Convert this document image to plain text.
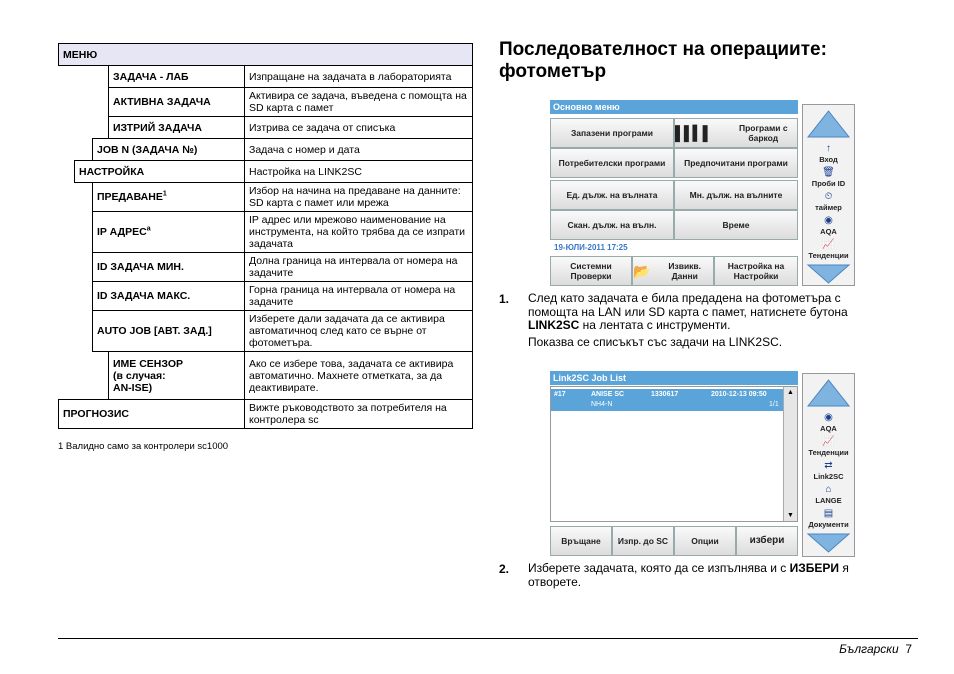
МЕНЮ				
			ЗАДАЧА - ЛАБ	Изпращане на задачата в лабораторията
			АКТИВНА ЗАДАЧА	Активира се задача, въведена с помощта на SD карта с памет
			ИЗТРИЙ ЗАДАЧА	Изтрива се задача от списъка
		JOB N (ЗАДАЧА №)		Задача с номер и дата
	НАСТРОЙКА			Настройка на LINK2SC
		ПРЕДАВАНЕ$^1$		Избор на начина на предаване на данните: SD карта с памет или мрежа
		IP АДРЕС$^a$		IP адрес или мрежово наименование на инструмента, на който трябва да се изпрати задачата
		ID ЗАДАЧА МИН.		Долна граница на интервала от номера на задачите
		ID ЗАДАЧА МАКС.		Горна граница на интервала от номера на задачите
		AUTO JOB [АВТ. ЗАД.]		Изберете дали задачата да се активира автоматичноq след като се върне от фотометъра.

			ИМЕ СЕНЗОР
(в случая:
AN-ISE)	Ако се избере това, задачата се активира автоматично. Махнете отметката, за да деактивирате.
ПРОГНОЗИС				Вижте ръководството за потребителя на контролера sc
1 Валидно само за контролери sc1000
Последователност на операциите: фотометър
Основно меню
Запазени програми	▌▌▍▌	Програми с баркод
Потребителски програми	Предпочитани програми
Ед. дълж. на вълната	Мн. дълж. на вълните
Скан. дълж. на вълн.	Време
19-ЮЛИ-2011 17:25
Системни Проверки	📂	Извикв. Данни
Настройка на Настройки
↑
Вход
🗑
Проби ID
⏲
таймер
◉
AQA
📈
Тенденции
1. След като задачата е била предадена на фотометъра с помощта на LAN или SD карта с памет, натиснете бутона LINK2SC на лентата с инструменти.
Показва се списъкът със задачи на LINK2SC.
Link2SC Job List
#17	ANISE SC	1330617	2010-12-13 09:50
NH4-N	1/1
▲
▼
Връщане	Изпр. до SC	Опции	избери
◉
AQA
📈
Тенденции
⇄
Link2SC
⌂
LANGE
▤
Документи
2. Изберете задачата, която да се изпълнява и с ИЗБЕРИ я отворете.
Български 7
